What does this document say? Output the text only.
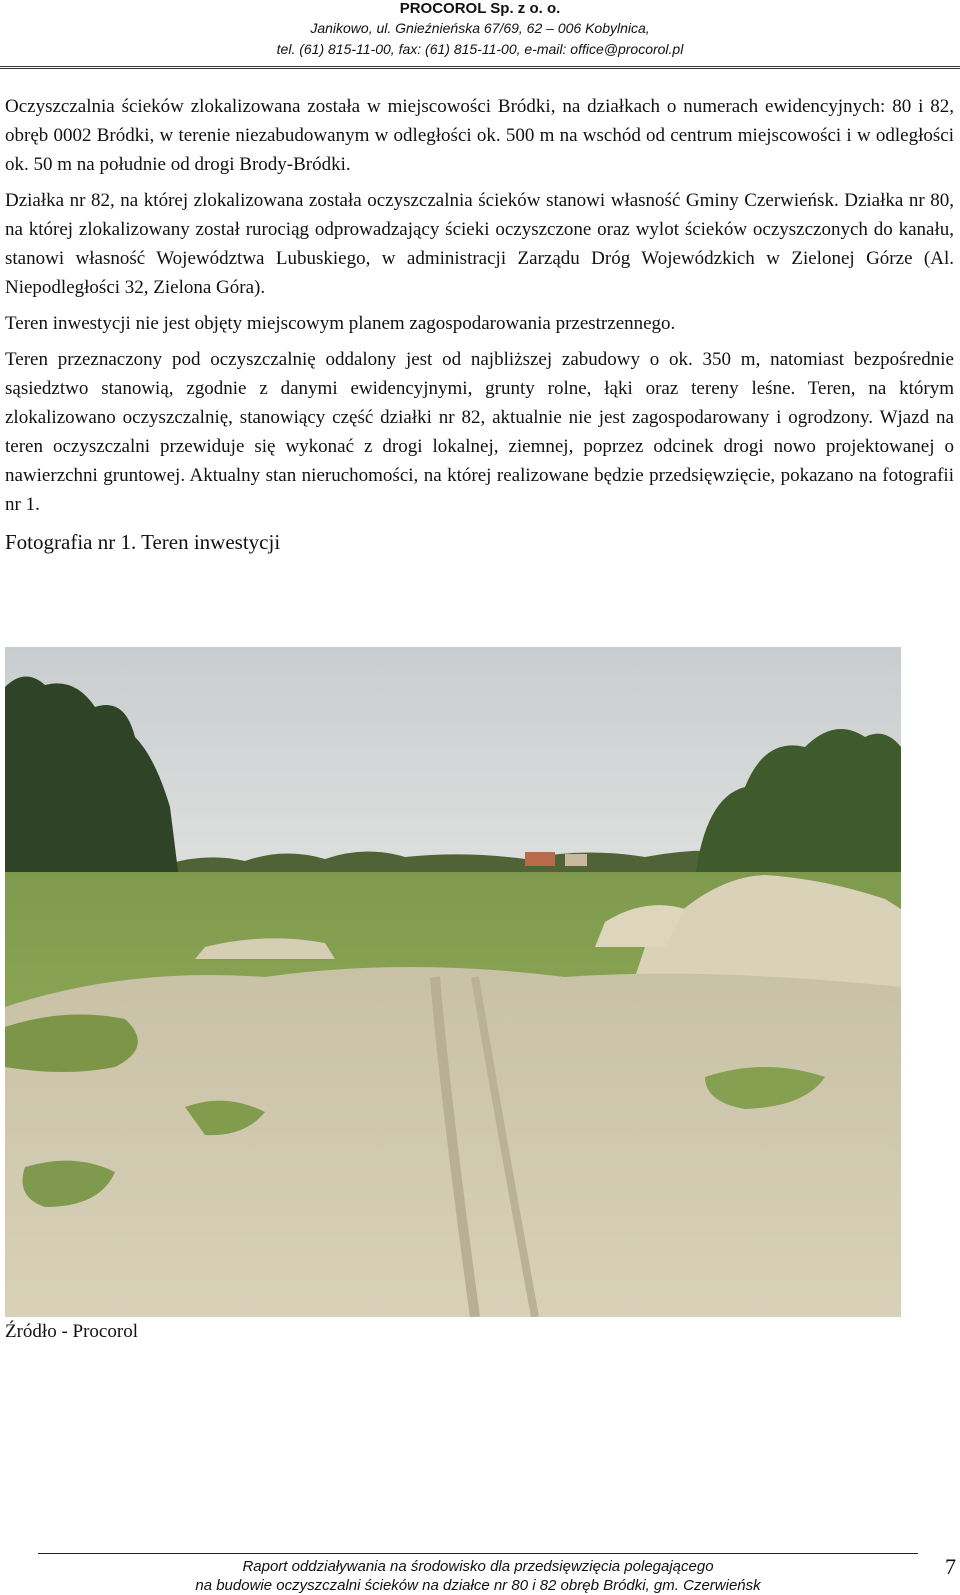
PROCOROL Sp. z o. o.
Janikowo, ul. Gnieźnieńska 67/69, 62 – 006 Kobylnica,
tel. (61) 815-11-00, fax: (61) 815-11-00, e-mail: office@procorol.pl

Oczyszczalnia ścieków zlokalizowana została w miejscowości Bródki, na działkach o numerach ewidencyjnych: 80 i 82, obręb 0002 Bródki, w terenie niezabudowanym w odległości ok. 500 m na wschód od centrum miejscowości i w odległości ok. 50 m na południe od drogi Brody-Bródki.

Działka nr 82, na której zlokalizowana została oczyszczalnia ścieków stanowi własność Gminy Czerwieńsk. Działka nr 80, na której zlokalizowany został rurociąg odprowadzający ścieki oczyszczone oraz wylot ścieków oczyszczonych do kanału, stanowi własność Województwa Lubuskiego, w administracji Zarządu Dróg Wojewódzkich w Zielonej Górze (Al. Niepodległości 32, Zielona Góra).

Teren inwestycji nie jest objęty miejscowym planem zagospodarowania przestrzennego.

Teren przeznaczony pod oczyszczalnię oddalony jest od najbliższej zabudowy o ok. 350 m, natomiast bezpośrednie sąsiedztwo stanowią, zgodnie z danymi ewidencyjnymi, grunty rolne, łąki oraz tereny leśne. Teren, na którym zlokalizowano oczyszczalnię, stanowiący część działki nr 82, aktualnie nie jest zagospodarowany i ogrodzony. Wjazd na teren oczyszczalni przewiduje się wykonać z drogi lokalnej, ziemnej, poprzez odcinek drogi nowo projektowanej o nawierzchni gruntowej. Aktualny stan nieruchomości, na której realizowane będzie przedsięwzięcie, pokazano na fotografii nr 1.

Fotografia nr 1. Teren inwestycji

Źródło - Procorol
Raport oddziaływania na środowisko dla przedsięwzięcia polegającego
na budowie oczyszczalni ścieków na działce nr 80 i 82 obręb Bródki, gm. Czerwieńsk
7
